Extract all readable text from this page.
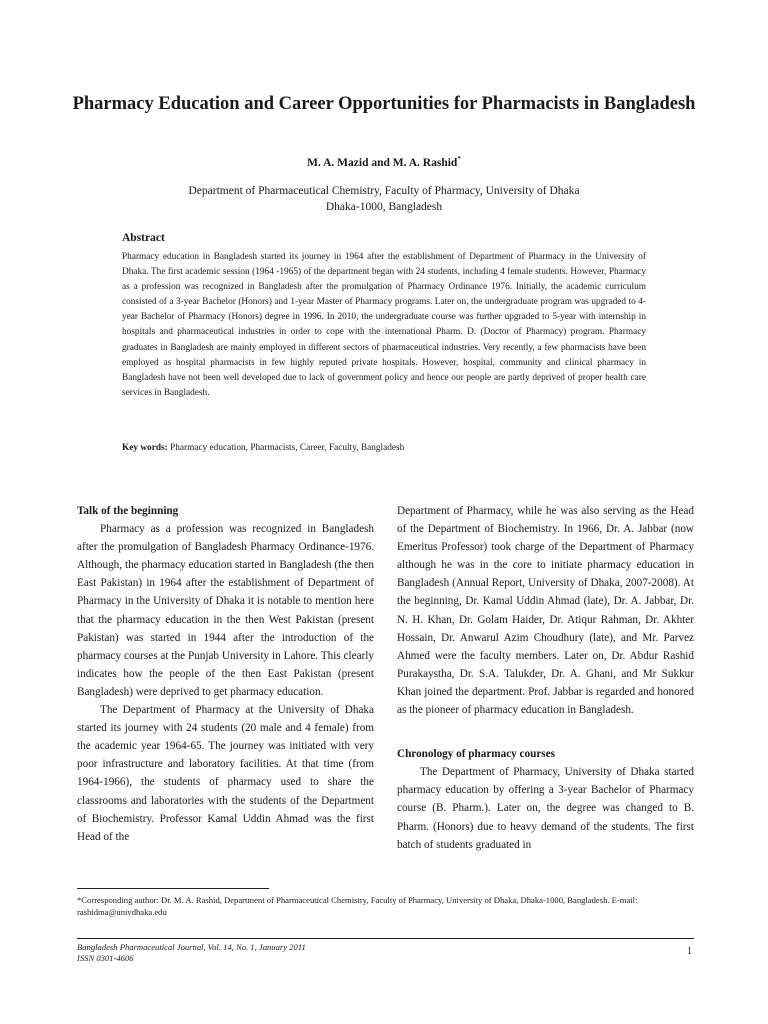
Pharmacy Education and Career Opportunities for Pharmacists in Bangladesh
M. A. Mazid and M. A. Rashid*
Department of Pharmaceutical Chemistry, Faculty of Pharmacy, University of Dhaka
Dhaka-1000, Bangladesh
Abstract

Pharmacy education in Bangladesh started its journey in 1964 after the establishment of Department of Pharmacy in the University of Dhaka. The first academic session (1964 -1965) of the department began with 24 students, including 4 female students. However, Pharmacy as a profession was recognized in Bangladesh after the promulgation of Pharmacy Ordinance 1976. Initially, the academic curriculum consisted of a 3-year Bachelor (Honors) and 1-year Master of Pharmacy programs. Later on, the undergraduate program was upgraded to 4-year Bachelor of Pharmacy (Honors) degree in 1996. In 2010, the undergraduate course was further upgraded to 5-year with internship in hospitals and pharmaceutical industries in order to cope with the international Pharm. D. (Doctor of Pharmacy) program. Pharmacy graduates in Bangladesh are mainly employed in different sectors of pharmaceutical industries. Very recently, a few pharmacists have been employed as hospital pharmacists in few highly reputed private hospitals. However, hospital, community and clinical pharmacy in Bangladesh have not been well developed due to lack of government policy and hence our people are partly deprived of proper health care services in Bangladesh.

Key words: Pharmacy education, Pharmacists, Career, Faculty, Bangladesh
Talk of the beginning

Pharmacy as a profession was recognized in Bangladesh after the promulgation of Bangladesh Pharmacy Ordinance-1976. Although, the pharmacy education started in Bangladesh (the then East Pakistan) in 1964 after the establishment of Department of Pharmacy in the University of Dhaka it is notable to mention here that the pharmacy education in the then West Pakistan (present Pakistan) was started in 1944 after the introduction of the pharmacy courses at the Punjab University in Lahore. This clearly indicates how the people of the then East Pakistan (present Bangladesh) were deprived to get pharmacy education.

The Department of Pharmacy at the University of Dhaka started its journey with 24 students (20 male and 4 female) from the academic year 1964-65. The journey was initiated with very poor infrastructure and laboratory facilities. At that time (from 1964-1966), the students of pharmacy used to share the classrooms and laboratories with the students of the Department of Biochemistry. Professor Kamal Uddin Ahmad was the first Head of the

Department of Pharmacy, while he was also serving as the Head of the Department of Biochemistry. In 1966, Dr. A. Jabbar (now Emeritus Professor) took charge of the Department of Pharmacy although he was in the core to initiate pharmacy education in Bangladesh (Annual Report, University of Dhaka, 2007-2008). At the beginning, Dr. Kamal Uddin Ahmad (late), Dr. A. Jabbar, Dr. N. H. Khan, Dr. Golam Haider, Dr. Atiqur Rahman, Dr. Akhter Hossain, Dr. Anwarul Azim Choudhury (late), and Mr. Parvez Ahmed were the faculty members. Later on, Dr. Abdur Rashid Purakaystha, Dr. S.A. Talukder, Dr. A. Ghani, and Mr Sukkur Khan joined the department. Prof. Jabbar is regarded and honored as the pioneer of pharmacy education in Bangladesh.

Chronology of pharmacy courses

The Department of Pharmacy, University of Dhaka started pharmacy education by offering a 3-year Bachelor of Pharmacy course (B. Pharm.). Later on, the degree was changed to B. Pharm. (Honors) due to heavy demand of the students. The first batch of students graduated in

*Corresponding author: Dr. M. A. Rashid, Department of Pharmaceutical Chemistry, Faculty of Pharmacy, University of Dhaka, Dhaka-1000, Bangladesh. E-mail: rashidma@univdhaka.edu

Bangladesh Pharmaceutical Journal, Vol. 14, No. 1, January 2011
ISSN 0301-4606
1
